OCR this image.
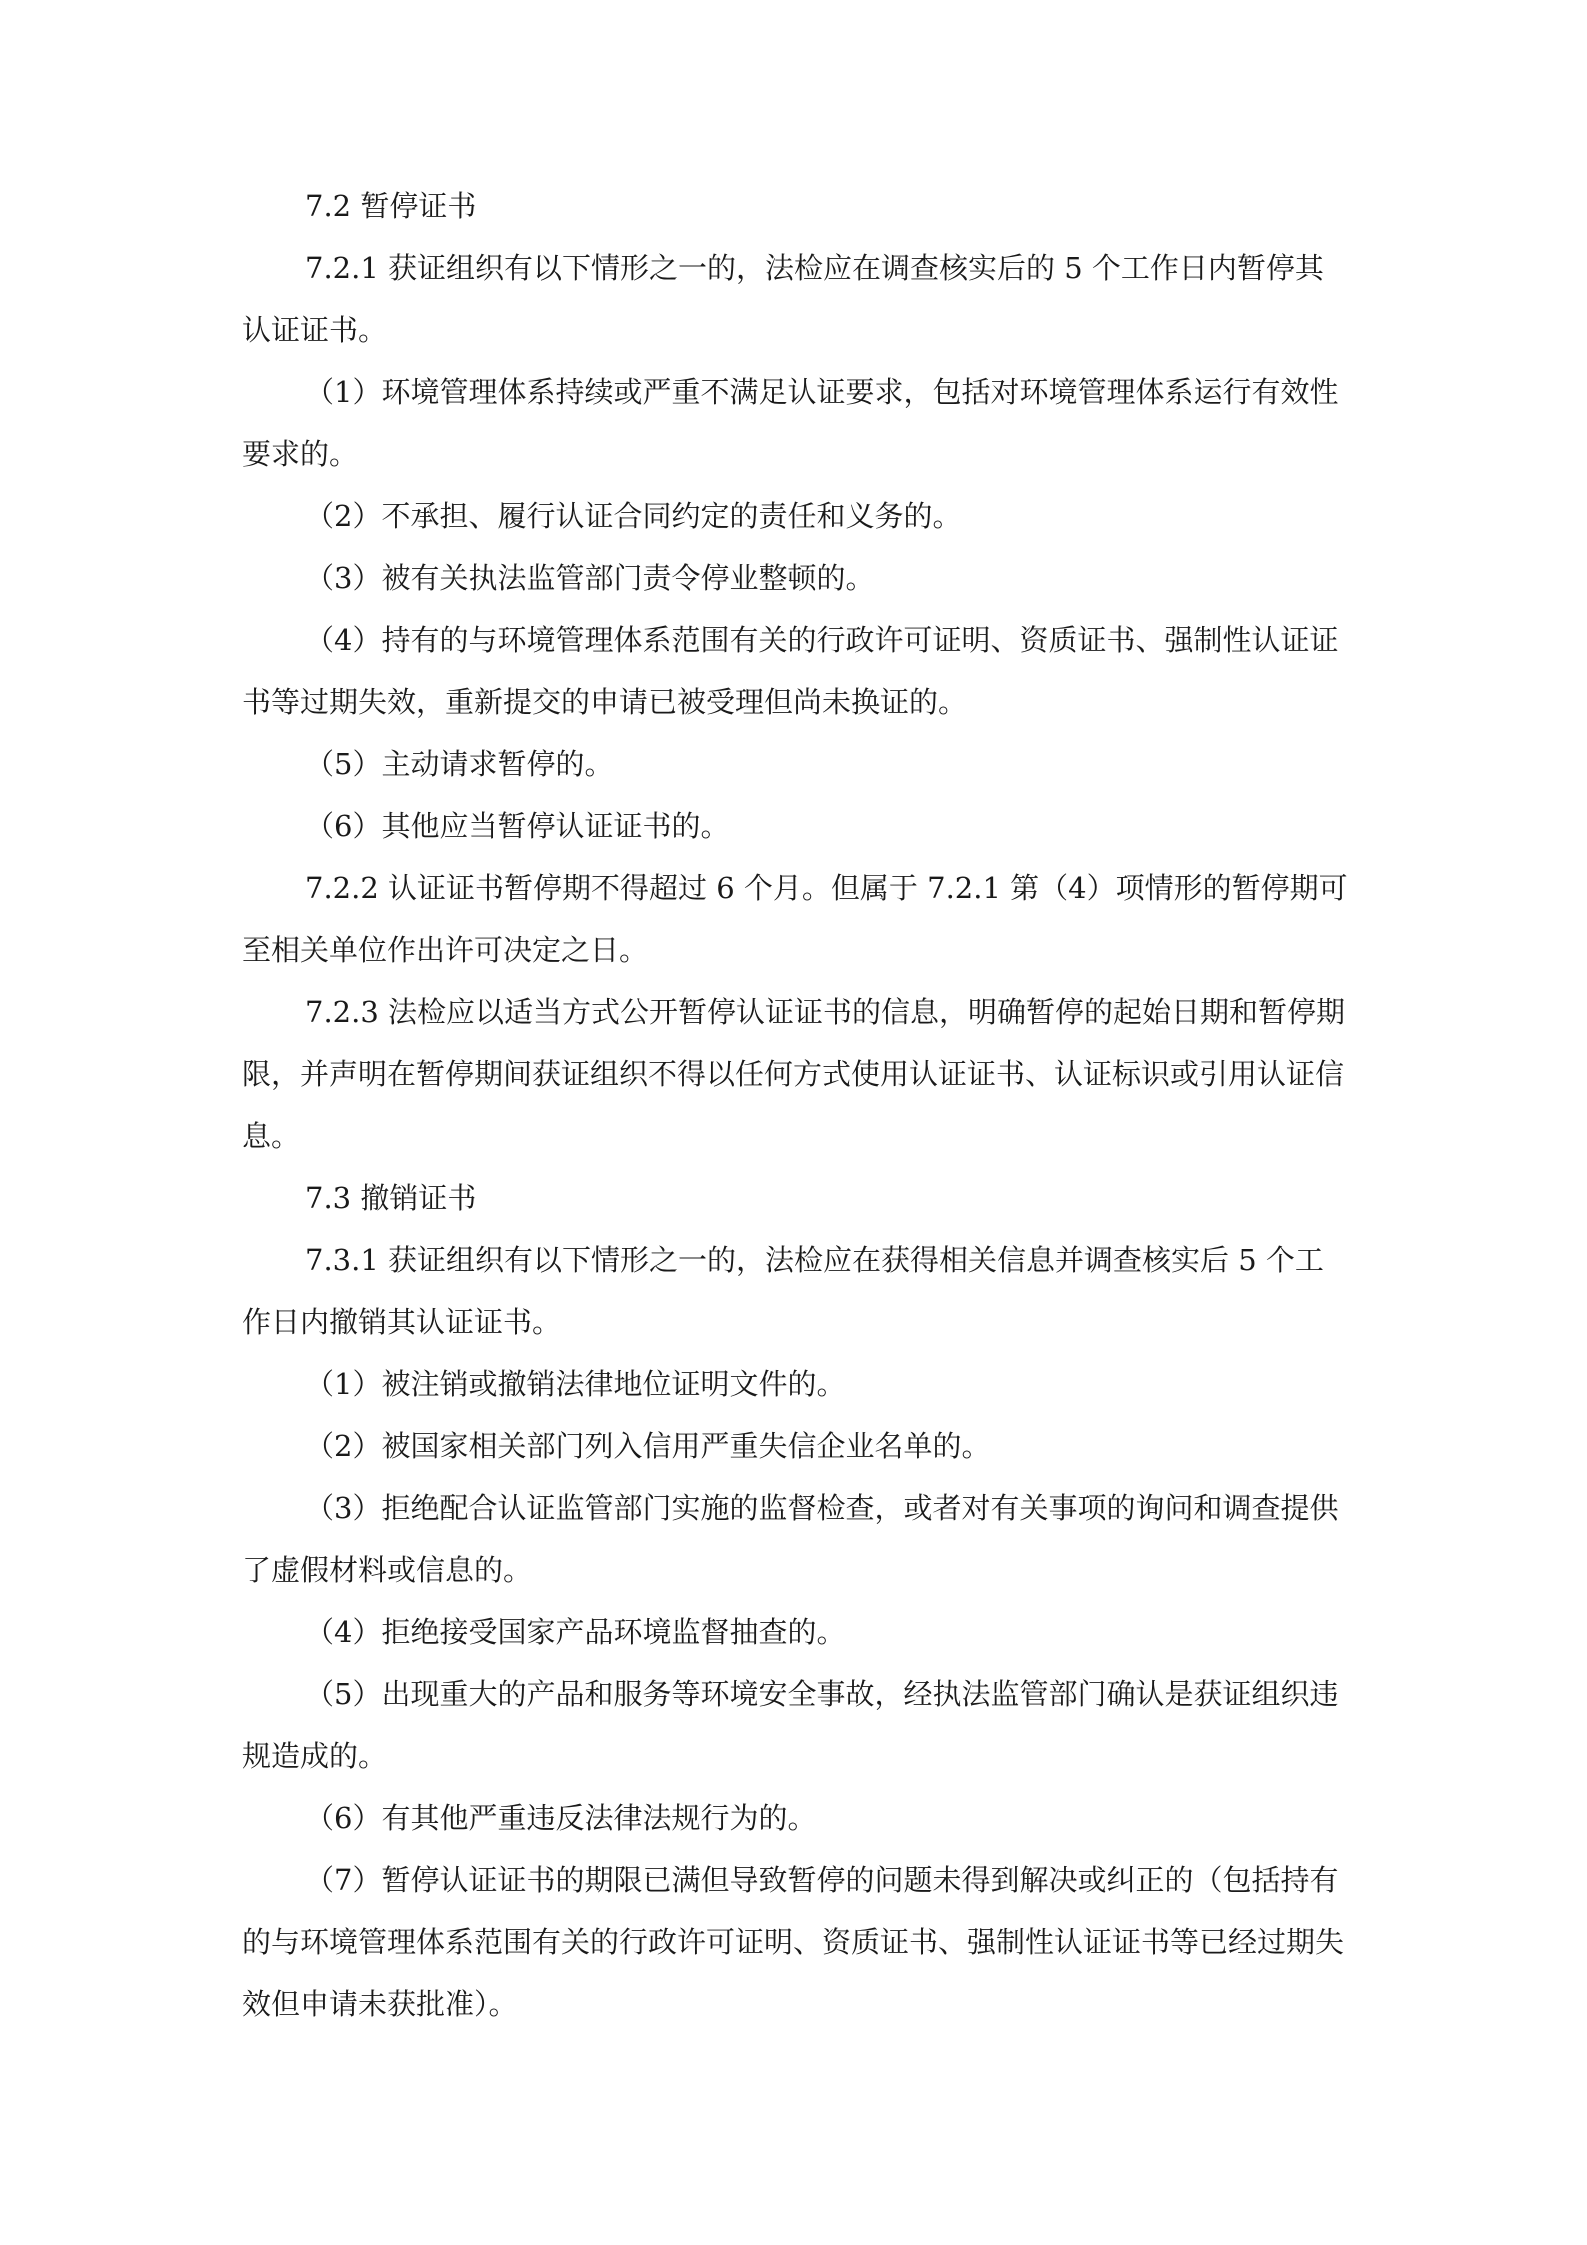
7.2 暂停证书

7.2.1 获证组织有以下情形之一的，法检应在调查核实后的 5 个工作日内暂停其认证证书。

（1）环境管理体系持续或严重不满足认证要求，包括对环境管理体系运行有效性要求的。

（2）不承担、履行认证合同约定的责任和义务的。

（3）被有关执法监管部门责令停业整顿的。

（4）持有的与环境管理体系范围有关的行政许可证明、资质证书、强制性认证证书等过期失效，重新提交的申请已被受理但尚未换证的。

（5）主动请求暂停的。

（6）其他应当暂停认证证书的。

7.2.2 认证证书暂停期不得超过 6 个月。但属于 7.2.1 第（4）项情形的暂停期可至相关单位作出许可决定之日。

7.2.3 法检应以适当方式公开暂停认证证书的信息，明确暂停的起始日期和暂停期限，并声明在暂停期间获证组织不得以任何方式使用认证证书、认证标识或引用认证信息。

7.3 撤销证书

7.3.1 获证组织有以下情形之一的，法检应在获得相关信息并调查核实后 5 个工作日内撤销其认证证书。

（1）被注销或撤销法律地位证明文件的。

（2）被国家相关部门列入信用严重失信企业名单的。

（3）拒绝配合认证监管部门实施的监督检查，或者对有关事项的询问和调查提供了虚假材料或信息的。

（4）拒绝接受国家产品环境监督抽查的。

（5）出现重大的产品和服务等环境安全事故，经执法监管部门确认是获证组织违规造成的。

（6）有其他严重违反法律法规行为的。

（7）暂停认证证书的期限已满但导致暂停的问题未得到解决或纠正的（包括持有的与环境管理体系范围有关的行政许可证明、资质证书、强制性认证证书等已经过期失效但申请未获批准）。
